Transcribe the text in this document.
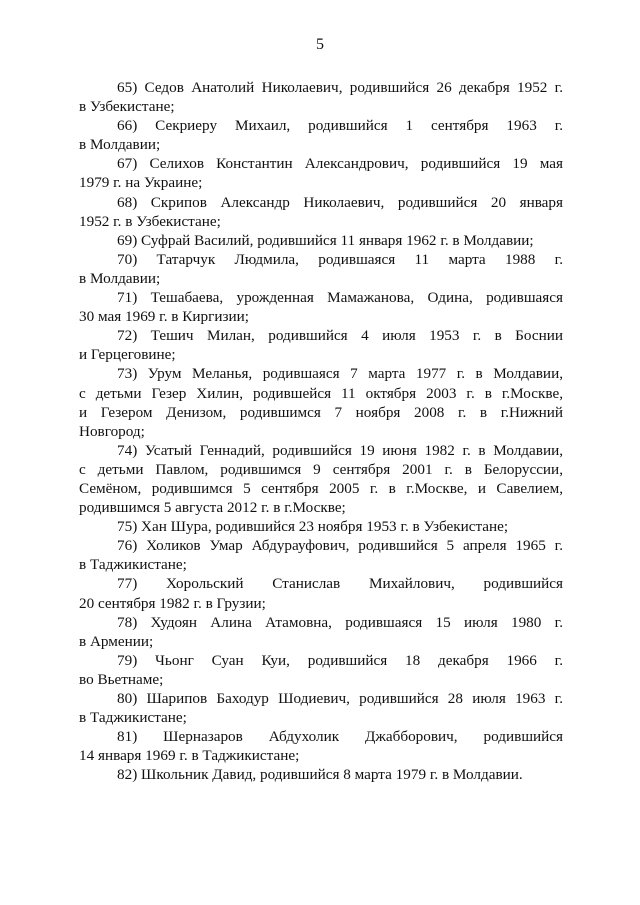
5

65) Седов Анатолий Николаевич, родившийся 26 декабря 1952 г.
в Узбекистане;

66) Секриеру Михаил, родившийся 1 сентября 1963 г.
в Молдавии;

67) Селихов Константин Александрович, родившийся 19 мая
1979 г. на Украине;

68) Скрипов Александр Николаевич, родившийся 20 января
1952 г. в Узбекистане;

69) Суфрай Василий, родившийся 11 января 1962 г. в Молдавии;

70) Татарчук Людмила, родившаяся 11 марта 1988 г.
в Молдавии;

71) Тешабаева, урожденная Мамажанова, Одина, родившаяся
30 мая 1969 г. в Киргизии;

72) Тешич Милан, родившийся 4 июля 1953 г. в Боснии
и Герцеговине;

73) Урум Меланья, родившаяся 7 марта 1977 г. в Молдавии,
с детьми Гезер Хилин, родившейся 11 октября 2003 г. в г.Москве,
и Гезером Денизом, родившимся 7 ноября 2008 г. в г.Нижний
Новгород;

74) Усатый Геннадий, родившийся 19 июня 1982 г. в Молдавии,
с детьми Павлом, родившимся 9 сентября 2001 г. в Белоруссии,
Семёном, родившимся 5 сентября 2005 г. в г.Москве, и Савелием,
родившимся 5 августа 2012 г. в г.Москве;

75) Хан Шура, родившийся 23 ноября 1953 г. в Узбекистане;

76) Холиков Умар Абдурауфович, родившийся 5 апреля 1965 г.
в Таджикистане;

77) Хорольский Станислав Михайлович, родившийся
20 сентября 1982 г. в Грузии;

78) Худоян Алина Атамовна, родившаяся 15 июля 1980 г.
в Армении;

79) Чьонг Суан Куи, родившийся 18 декабря 1966 г.
во Вьетнаме;

80) Шарипов Баходур Шодиевич, родившийся 28 июля 1963 г.
в Таджикистане;

81) Шерназаров Абдухолик Джабборович, родившийся
14 января 1969 г. в Таджикистане;

82) Школьник Давид, родившийся 8 марта 1979 г. в Молдавии.
